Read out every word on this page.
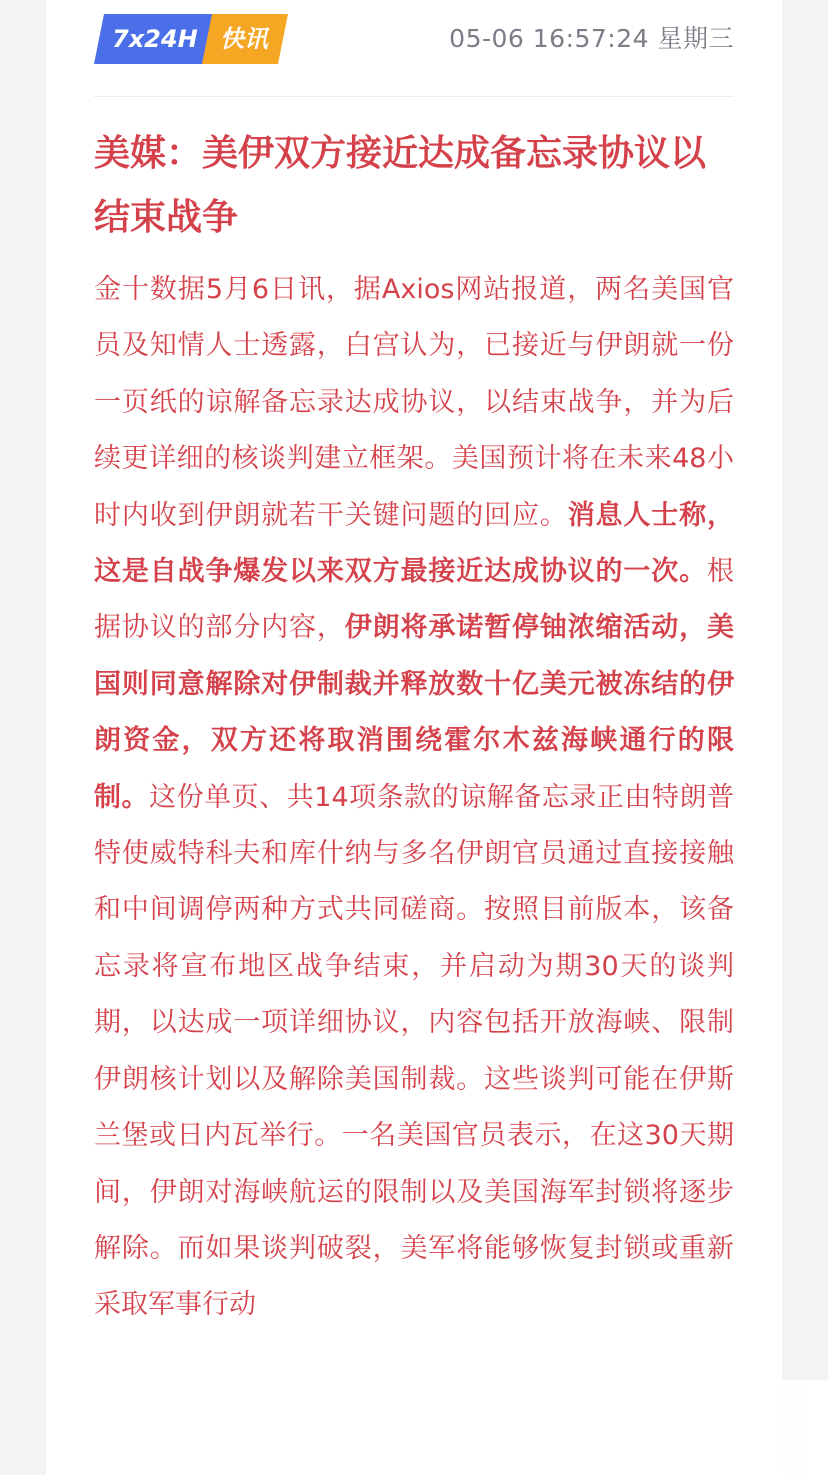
7x24H 快讯	05-06 16:57:24 星期三
美媒：美伊双方接近达成备忘录协议以结束战争

金十数据5月6日讯，据Axios网站报道，两名美国官员及知情人士透露，白宫认为，已接近与伊朗就一份一页纸的谅解备忘录达成协议，以结束战争，并为后续更详细的核谈判建立框架。美国预计将在未来48小时内收到伊朗就若干关键问题的回应。消息人士称，这是自战争爆发以来双方最接近达成协议的一次。根据协议的部分内容，伊朗将承诺暂停铀浓缩活动，美国则同意解除对伊制裁并释放数十亿美元被冻结的伊朗资金，双方还将取消围绕霍尔木兹海峡通行的限制。这份单页、共14项条款的谅解备忘录正由特朗普特使威特科夫和库什纳与多名伊朗官员通过直接接触和中间调停两种方式共同磋商。按照目前版本，该备忘录将宣布地区战争结束，并启动为期30天的谈判期，以达成一项详细协议，内容包括开放海峡、限制伊朗核计划以及解除美国制裁。这些谈判可能在伊斯兰堡或日内瓦举行。一名美国官员表示，在这30天期间，伊朗对海峡航运的限制以及美国海军封锁将逐步解除。而如果谈判破裂，美军将能够恢复封锁或重新采取军事行动
